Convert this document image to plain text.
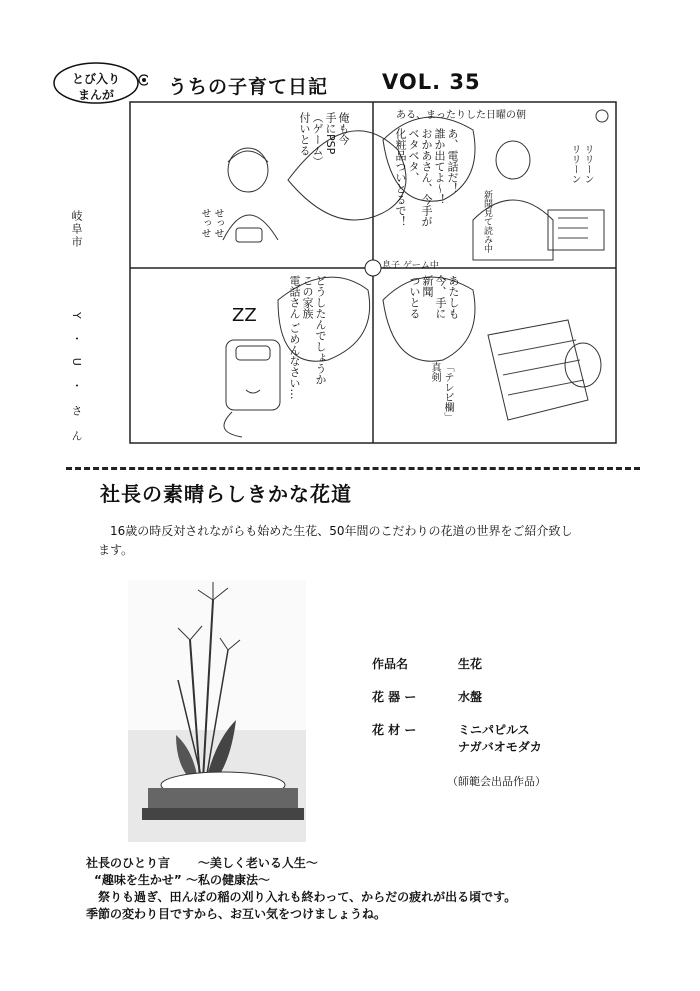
とび入り
まんが	うちの子育て日記	VOL. 35
岐阜市
Y・U・さん
俺も今
手にPSP
（ゲーム）
付いとる
せっせ
せっせ
ある、まったりした日曜の朝
あ、電話だ！
誰か出てよ〜！
おかあさん、今手が
ベタベタ、
化粧品ついとるで！	リリーン
リリーン
新聞見て読み中
息子 ゲーム中
あたしも
今、手に
新聞
ついとる
「テレビ欄」
真剣
どうしたんでしょうか
この家族
電話さん ごめんなさい…
ZZ
社長の素晴らしきかな花道
16歳の時反対されながらも始めた生花、50年間のこだわりの花道の世界をご紹介致します。
作品名	生花
花 器 ー	水盤
花 材 ー	ミニパピルス
ナガバオモダカ
（師範会出品作品）
社長のひとり言 〜美しく老いる人生〜
“趣味を生かせ” 〜私の健康法〜
祭りも過ぎ、田んぼの稲の刈り入れも終わって、からだの疲れが出る頃です。
季節の変わり目ですから、お互い気をつけましょうね。
